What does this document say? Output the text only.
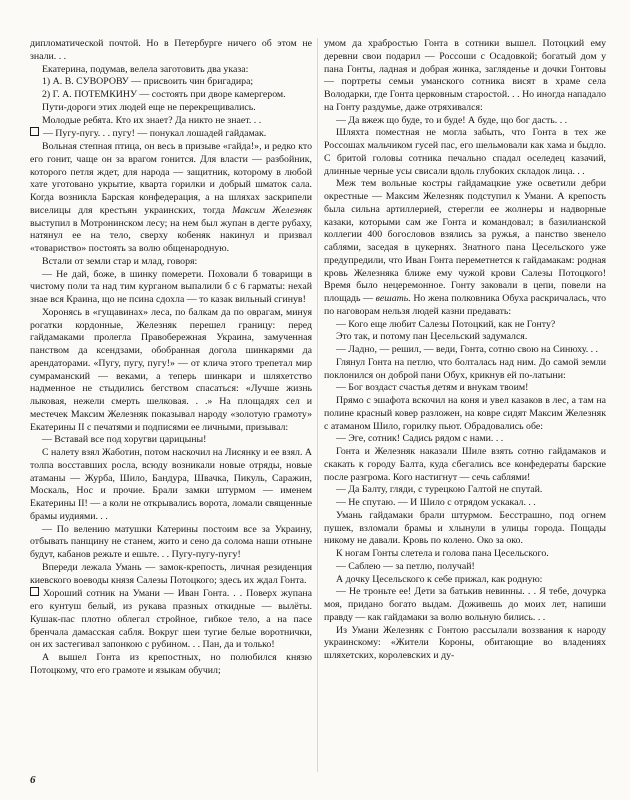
дипломатической почтой. Но в Петербурге ничего об этом не знали. . .

Екатерина, подумав, велела заготовить два указа:

1) А. В. СУВОРОВУ — присвоить чин бригадира;

2) Г. А. ПОТЕМКИНУ — состоять при дворе камергером.

Пути-дороги этих людей еще не перекрещивались.

Молодые ребята. Кто их знает? Да никто не знает. . .

— Пугу-пугу. . . пугу! — понукал лошадей гайдамак.

Вольная степная птица, он весь в призыве «гайда!», и редко кто его гонит, чаще он за врагом гонится. Для власти — разбойник, которого петля ждет, для народа — защитник, которому в любой хате уготовано укрытие, кварта горилки и добрый шматок сала. Когда возникла Барская конфедерация, а на шляхах заскрипели виселицы для крестьян украинских, тогда Максим Железняк выступил в Мотронинском лесу; на нем был жупан в дегте рубаху, натянул ее на тело, сверху кобеняк накинул и призвал «товариство» постоять за волю общенародную.

Встали от земли стар и млад, говоря:

— Не дай, боже, в шинку померети. Поховали б товарищи в чистому поли та над тим курганом выпалили б с 6 гарматы: нехай знае вся Краина, що не псина сдохла — то казак вильный сгинув!

Хоронясь в «гущавинах» леса, по балкам да по оврагам, минуя рогатки кордонные, Железняк перешел границу: перед гайдамаками пролегла Правобережная Украина, замученная панством да ксендзами, обобранная догола шинкарями да арендаторами. «Пугу, пугу, пугу!» — от клича этого трепетал мир сумраманский — веками, а теперь шинкари и шляхетство надменное не стыдились бегством спасаться: «Лучше жизнь лыковая, нежели смерть шелковая. . .» На площадях сел и местечек Максим Железняк показывал народу «золотую грамоту» Екатерины II с печатями и подписями ее личными, призывал:

— Вставай все под хоругви царицыны!

С налету взял Жаботин, потом наскочил на Лисянку и ее взял. А толпа восставших росла, всюду возникали новые отряды, новые атаманы — Журба, Шило, Бандура, Швачка, Пикуль, Саражин, Москаль, Нос и прочие. Брали замки штурмом — именем Екатерины II! — а коли не открывались ворота, ломали священные брамы иудиями. . .

— По велению матушки Катерины постоим все за Украину, отбывать панщину не станем, жито и сено да солома наши отныне будут, кабанов режьте и ешьте. . . Пугу-пугу-пугу!

Впереди лежала Умань — замок-крепость, личная резиденция киевского воеводы князя Салезы Потоцкого; здесь их ждал Гонта.

Хороший сотник на Умани — Иван Гонта. . . Поверх жупана его кунтуш белый, из рукава празных откидные — вылёты. Кушак-пас плотно облегал стройное, гибкое тело, а на пасе бренчала дамасская сабля. Вокруг шеи тугие белые воротнички, он их застегивал запонкою с рубином. . . Пан, да и только!

А вышел Гонта из крепостных, но полюбился князю Потоцкому, что его грамоте и языкам обучил;

умом да храбростью Гонта в сотники вышел. Потоцкий ему деревни свои подарил — Россоши с Осадовкой; богатый дом у пана Гонты, ладная и добрая жинка, загляденье и дочки Гонтовы — портреты семьи уманского сотника висят в храме села Володарки, где Гонта церковным старостой. . . Но иногда нападало на Гонту раздумье, даже отряхивался:

— Да вжеж що буде, то и буде! А буде, що бог дасть. . .

Шляхта поместная не могла забыть, что Гонта в тех же Россошах мальчиком гусей пас, его шельмовали как хама и быдло. С бритой головы сотника печально спадал оселедец казачий, длинные черные усы свисали вдоль глубоких складок лица. . .

Меж тем вольные костры гайдамацкие уже осветили дебри окрестные — Максим Железняк подступил к Умани. А крепость была сильна артиллерией, стерегли ее жолнеры и надворные казаки, которыми сам же Гонта и командовал; в базилианской коллегии 400 богословов взялись за ружья, а панство звенело саблями, заседая в цукернях. Знатного пана Цесельского уже предупредили, что Иван Гонта переметнется к гайдамакам: родная кровь Железняка ближе ему чужой крови Салезы Потоцкого! Время было нецеремонное. Гонту заковали в цепи, повели на площадь — вешать. Но жена полковника Обуха раскричалась, что по наговорам нельзя людей казни предавать:

— Кого еще любит Салезы Потоцкий, как не Гонту?

Это так, и потому пан Цесельский задумался.

— Ладно, — решил, — веди, Гонта, сотню свою на Синюху. . .

Глянул Гонта на петлю, что болталась над ним. До самой земли поклонился он доброй пани Обух, крикнув ей по-латыни:

— Бог воздаст счастья детям и внукам твоим!

Прямо с эшафота вскочил на коня и увел казаков в лес, а там на полине красный ковер разложен, на ковре сидят Максим Железняк с атаманом Шило, горилку пьют. Обрадовались обе:

— Эге, сотник! Садись рядом с нами. . .

Гонта и Железняк наказали Шиле взять сотню гайдамаков и скакать к городу Балта, куда сбегались все конфедераты барские после разгрома. Кого настигнут — сечь саблями!

— Да Балту, гляди, с турецкою Галтой не спутай.

— Не спутаю. — И Шило с отрядом ускакал. . .

Умань гайдамаки брали штурмом. Бесстрашно, под огнем пушек, взломали брамы и хлынули в улицы города. Пощады никому не давали. Кровь по колено. Око за око.

К ногам Гонты слетела и голова пана Цесельского.

— Саблею — за петлю, получай!

А дочку Цесельского к себе прижал, как родную:

— Не троньте ее! Дети за батькив невинны. . . Я тебе, дочурка моя, придано богато выдам. Доживешь до моих лет, напиши правду — как гайдамаки за волю вольную бились. . .

Из Умани Железняк с Гонтою рассылали воззвания к народу украинскому: «Жители Короны, обитающие во владениях шляхетских, королевских и ду-

6
